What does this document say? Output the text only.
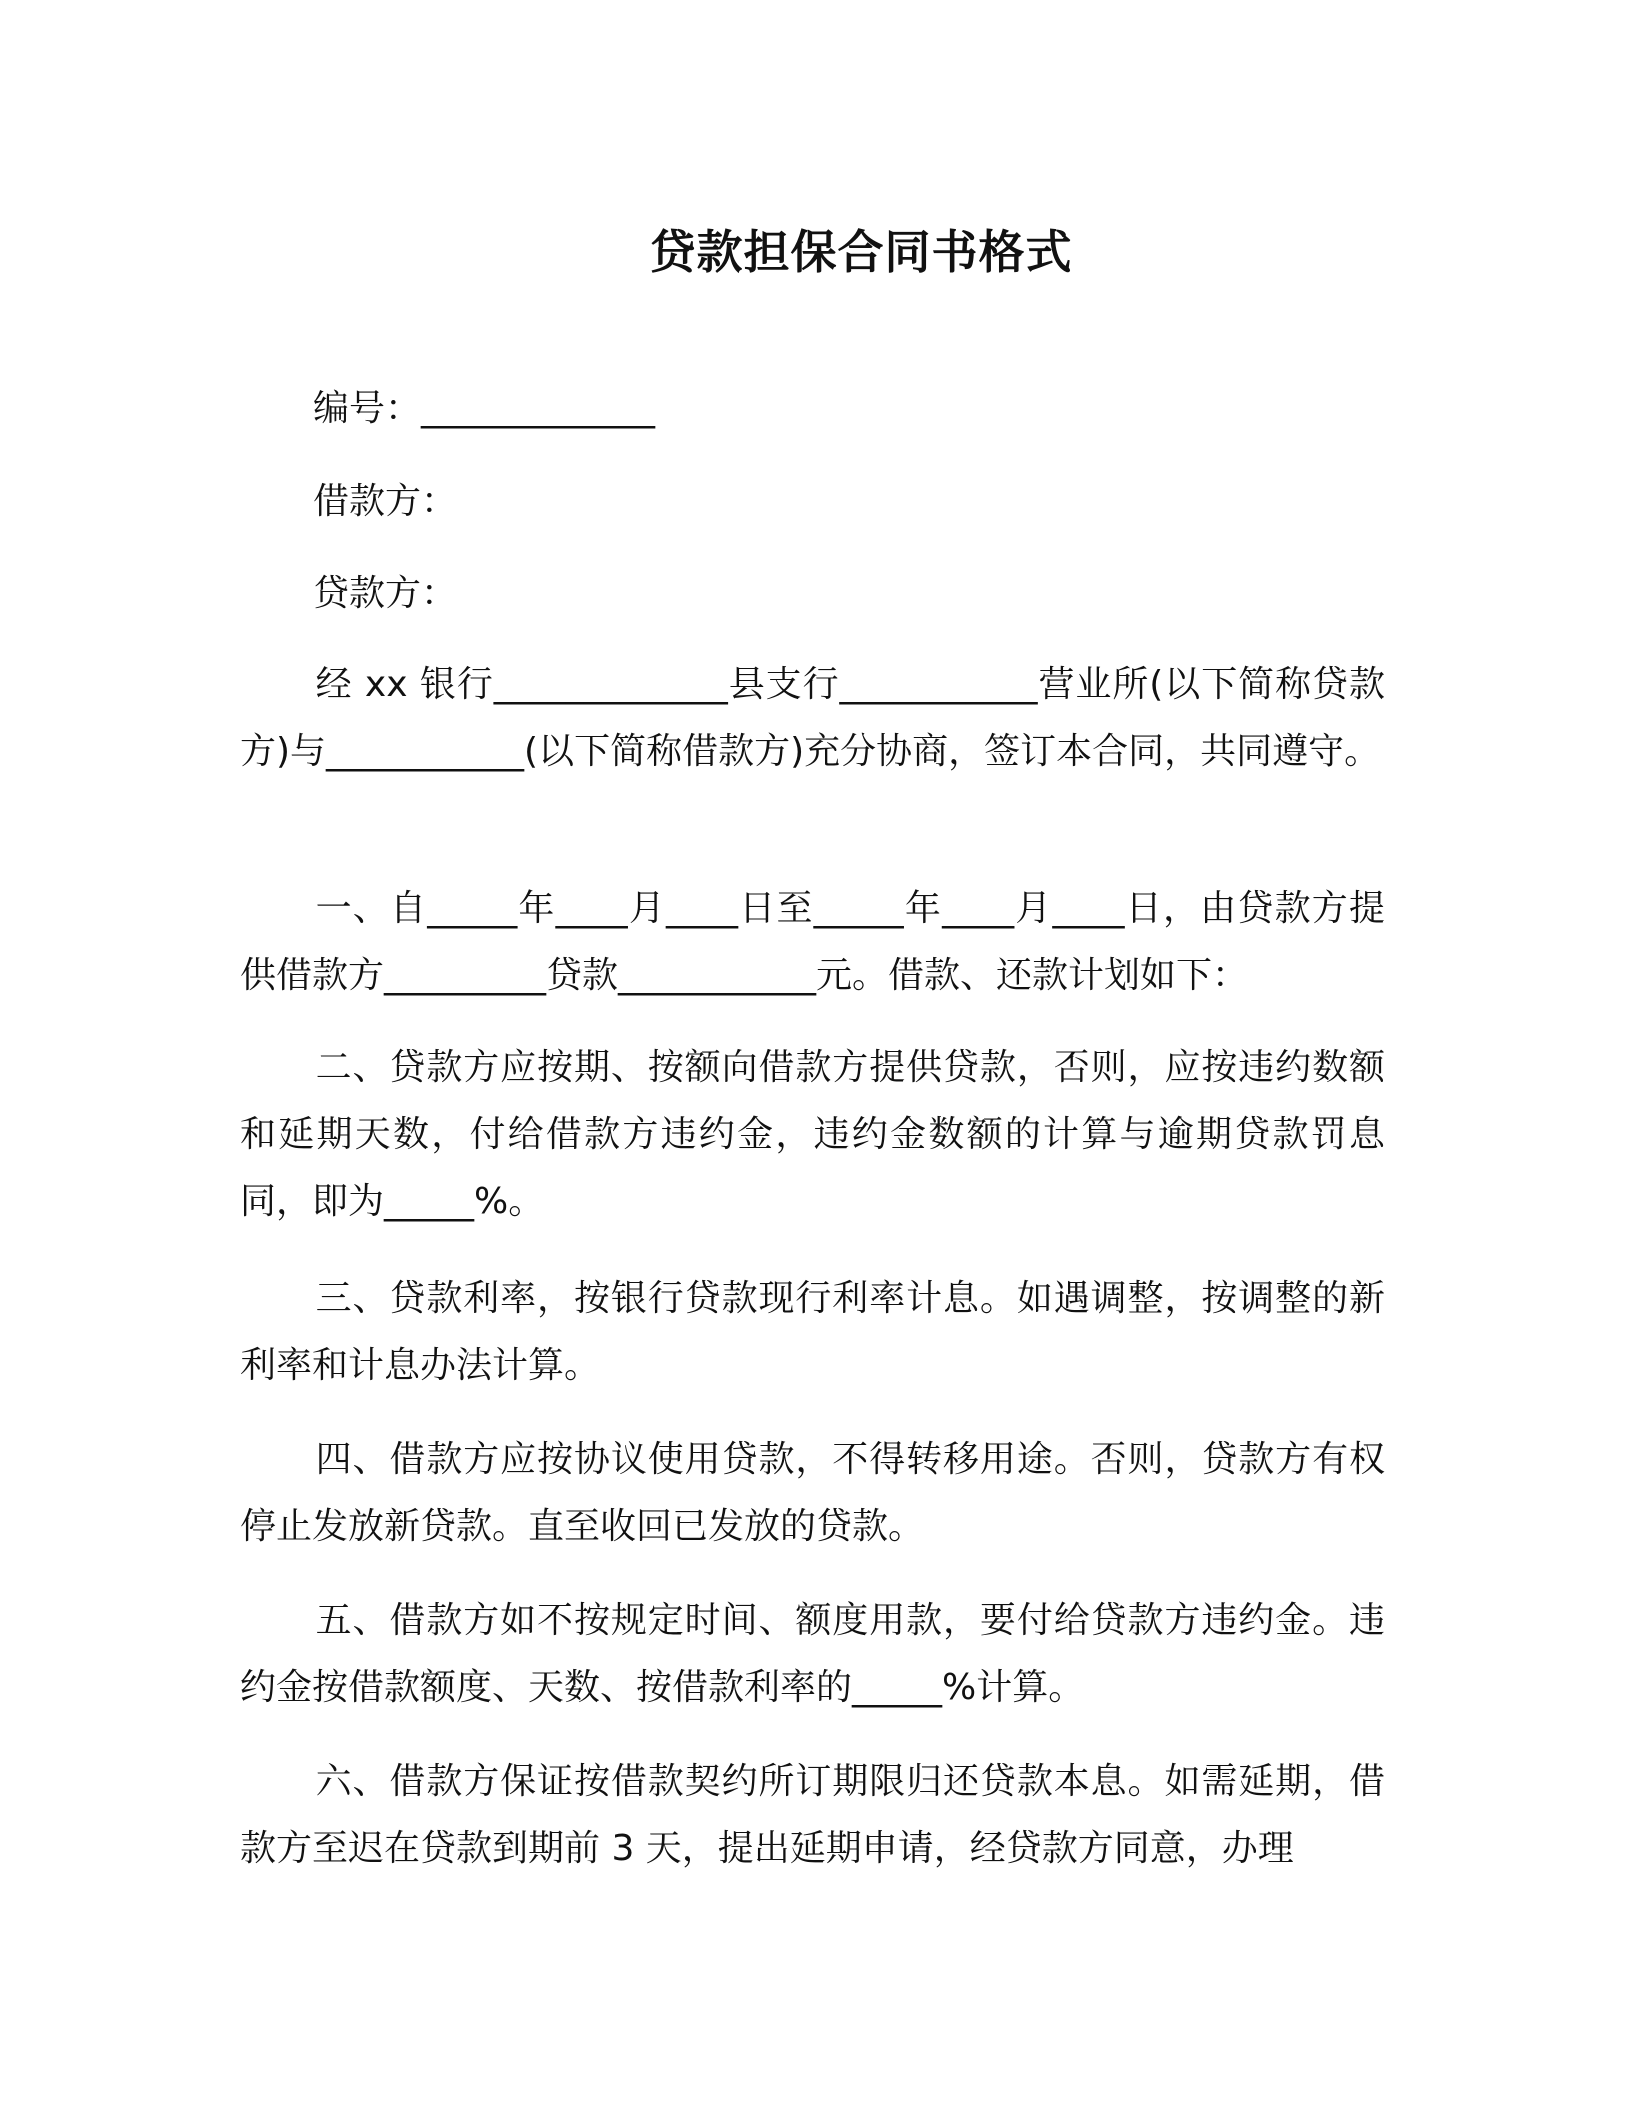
贷款担保合同书格式
编号：_____________
借款方：
贷款方：

经 xx 银行_____________县支行___________营业所(以下简称贷款方)与___________(以下简称借款方)充分协商，签订本合同，共同遵守。

一、自_____年____月____日至_____年____月____日，由贷款方提供借款方_________贷款___________元。借款、还款计划如下：

二、贷款方应按期、按额向借款方提供贷款，否则，应按违约数额和延期天数，付给借款方违约金，违约金数额的计算与逾期贷款罚息同，即为_____%。

三、贷款利率，按银行贷款现行利率计息。如遇调整，按调整的新利率和计息办法计算。

四、借款方应按协议使用贷款，不得转移用途。否则，贷款方有权停止发放新贷款。直至收回已发放的贷款。

五、借款方如不按规定时间、额度用款，要付给贷款方违约金。违约金按借款额度、天数、按借款利率的_____%计算。

六、借款方保证按借款契约所订期限归还贷款本息。如需延期，借款方至迟在贷款到期前 3 天，提出延期申请，经贷款方同意，办理
